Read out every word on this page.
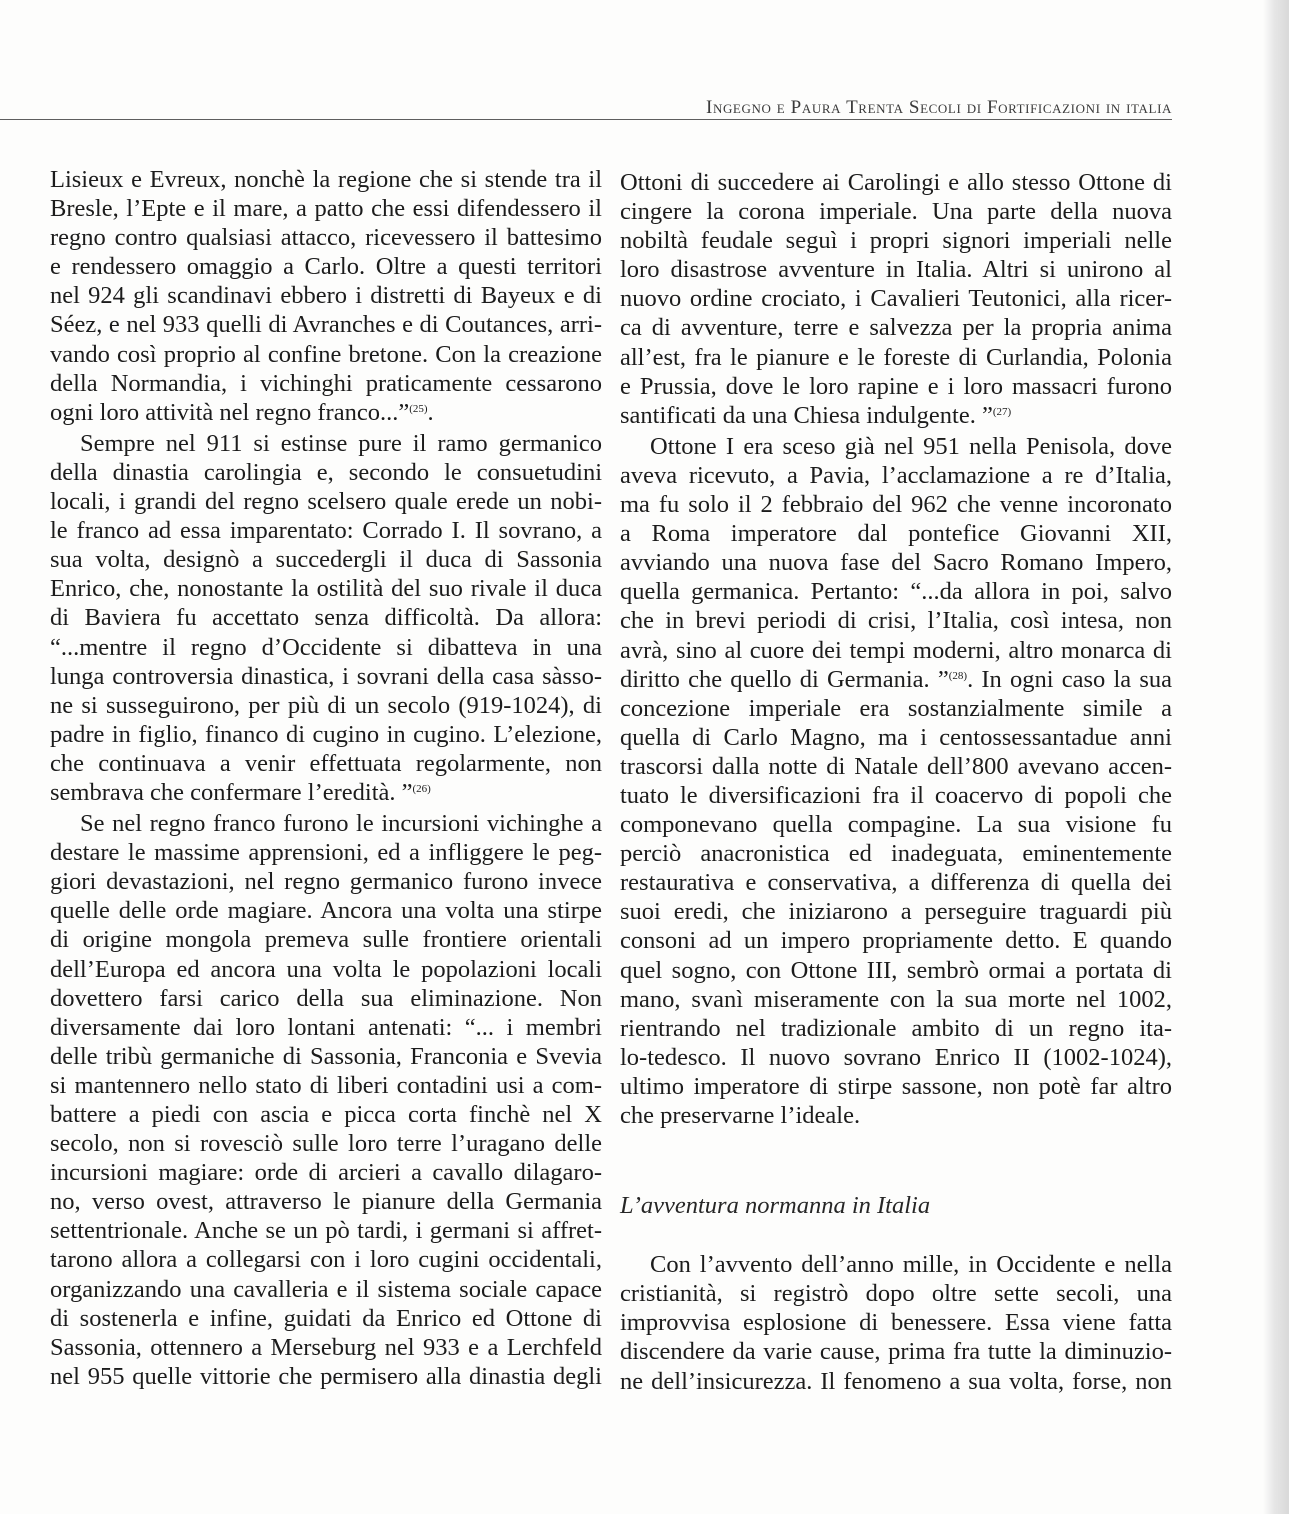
Ingegno e Paura Trenta Secoli di Fortificazioni in italia
Lisieux e Evreux, nonchè la regione che si stende tra il
Bresle, l’Epte e il mare, a patto che essi difendessero il
regno contro qualsiasi attacco, ricevessero il battesimo
e rendessero omaggio a Carlo. Oltre a questi territori
nel 924 gli scandinavi ebbero i distretti di Bayeux e di
Séez, e nel 933 quelli di Avranches e di Coutances, arri-
vando così proprio al confine bretone. Con la creazione
della Normandia, i vichinghi praticamente cessarono
ogni loro attività nel regno franco...”$^{(25)}$.
Sempre nel 911 si estinse pure il ramo germanico
della dinastia carolingia e, secondo le consuetudini
locali, i grandi del regno scelsero quale erede un nobi-
le franco ad essa imparentato: Corrado I. Il sovrano, a
sua volta, designò a succedergli il duca di Sassonia
Enrico, che, nonostante la ostilità del suo rivale il duca
di Baviera fu accettato senza difficoltà. Da allora:
“...mentre il regno d’Occidente si dibatteva in una
lunga controversia dinastica, i sovrani della casa sàsso-
ne si susseguirono, per più di un secolo (919-1024), di
padre in figlio, financo di cugino in cugino. L’elezione,
che continuava a venir effettuata regolarmente, non
sembrava che confermare l’eredità. ”$^{(26)}$
Se nel regno franco furono le incursioni vichinghe a
destare le massime apprensioni, ed a infliggere le peg-
giori devastazioni, nel regno germanico furono invece
quelle delle orde magiare. Ancora una volta una stirpe
di origine mongola premeva sulle frontiere orientali
dell’Europa ed ancora una volta le popolazioni locali
dovettero farsi carico della sua eliminazione. Non
diversamente dai loro lontani antenati: “... i membri
delle tribù germaniche di Sassonia, Franconia e Svevia
si mantennero nello stato di liberi contadini usi a com-
battere a piedi con ascia e picca corta finchè nel X
secolo, non si rovesciò sulle loro terre l’uragano delle
incursioni magiare: orde di arcieri a cavallo dilagaro-
no, verso ovest, attraverso le pianure della Germania
settentrionale. Anche se un pò tardi, i germani si affret-
tarono allora a collegarsi con i loro cugini occidentali,
organizzando una cavalleria e il sistema sociale capace
di sostenerla e infine, guidati da Enrico ed Ottone di
Sassonia, ottennero a Merseburg nel 933 e a Lerchfeld
nel 955 quelle vittorie che permisero alla dinastia degli
Ottoni di succedere ai Carolingi e allo stesso Ottone di
cingere la corona imperiale. Una parte della nuova
nobiltà feudale seguì i propri signori imperiali nelle
loro disastrose avventure in Italia. Altri si unirono al
nuovo ordine crociato, i Cavalieri Teutonici, alla ricer-
ca di avventure, terre e salvezza per la propria anima
all’est, fra le pianure e le foreste di Curlandia, Polonia
e Prussia, dove le loro rapine e i loro massacri furono
santificati da una Chiesa indulgente. ”$^{(27)}$
Ottone I era sceso già nel 951 nella Penisola, dove
aveva ricevuto, a Pavia, l’acclamazione a re d’Italia,
ma fu solo il 2 febbraio del 962 che venne incoronato
a Roma imperatore dal pontefice Giovanni XII,
avviando una nuova fase del Sacro Romano Impero,
quella germanica. Pertanto: “...da allora in poi, salvo
che in brevi periodi di crisi, l’Italia, così intesa, non
avrà, sino al cuore dei tempi moderni, altro monarca di
diritto che quello di Germania. ”$^{(28)}$. In ogni caso la sua
concezione imperiale era sostanzialmente simile a
quella di Carlo Magno, ma i centossessantadue anni
trascorsi dalla notte di Natale dell’800 avevano accen-
tuato le diversificazioni fra il coacervo di popoli che
componevano quella compagine. La sua visione fu
perciò anacronistica ed inadeguata, eminentemente
restaurativa e conservativa, a differenza di quella dei
suoi eredi, che iniziarono a perseguire traguardi più
consoni ad un impero propriamente detto. E quando
quel sogno, con Ottone III, sembrò ormai a portata di
mano, svanì miseramente con la sua morte nel 1002,
rientrando nel tradizionale ambito di un regno ita-
lo-tedesco. Il nuovo sovrano Enrico II (1002-1024),
ultimo imperatore di stirpe sassone, non potè far altro
che preservarne l’ideale.
L’avventura normanna in Italia
Con l’avvento dell’anno mille, in Occidente e nella
cristianità, si registrò dopo oltre sette secoli, una
improvvisa esplosione di benessere. Essa viene fatta
discendere da varie cause, prima fra tutte la diminuzio-
ne dell’insicurezza. Il fenomeno a sua volta, forse, non
